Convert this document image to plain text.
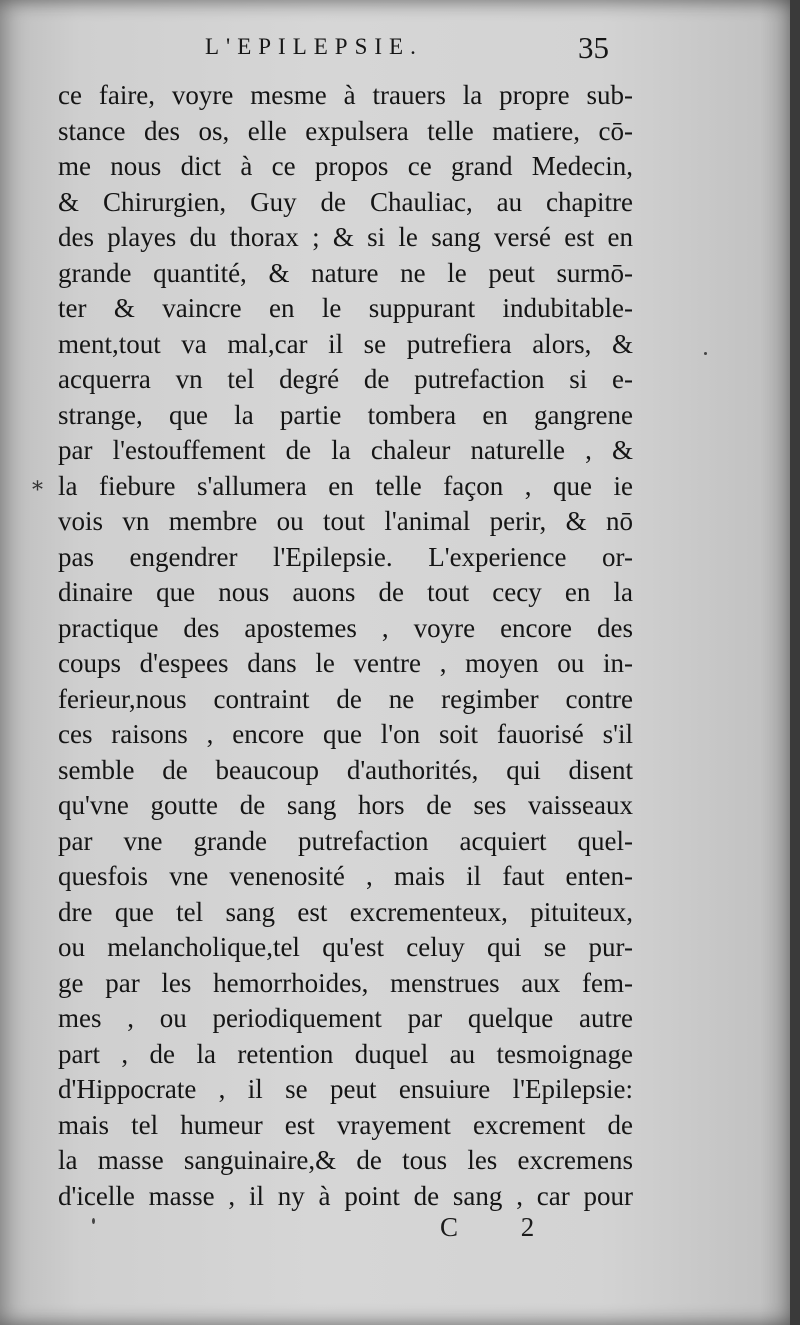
L'EPILEPSIE.	35
ce faire, voyre mesme à trauers la propre sub-
stance des os, elle expulsera telle matiere, cō-
me nous dict à ce propos ce grand Medecin,
& Chirurgien, Guy de Chauliac, au chapitre
des playes du thorax ; & si le sang versé est en
grande quantité, & nature ne le peut surmō-
ter & vaincre en le suppurant indubitable-
ment,tout va mal,car il se putrefiera alors, &
acquerra vn tel degré de putrefaction si e-
strange, que la partie tombera en gangrene
par l'estouffement de la chaleur naturelle , &
la fiebure s'allumera en telle façon , que ie
vois vn membre ou tout l'animal perir, & nō
pas engendrer l'Epilepsie. L'experience or-
dinaire que nous auons de tout cecy en la
practique des apostemes , voyre encore des
coups d'espees dans le ventre , moyen ou in-
ferieur,nous contraint de ne regimber contre
ces raisons , encore que l'on soit fauorisé s'il
semble de beaucoup d'authorités, qui disent
qu'vne goutte de sang hors de ses vaisseaux
par vne grande putrefaction acquiert quel-
quesfois vne venenosité , mais il faut enten-
dre que tel sang est excrementeux, pituiteux,
ou melancholique,tel qu'est celuy qui se pur-
ge par les hemorrhoides, menstrues aux fem-
mes , ou periodiquement par quelque autre
part , de la retention duquel au tesmoignage
d'Hippocrate , il se peut ensuiure l'Epilepsie:
mais tel humeur est vrayement excrement de
la masse sanguinaire,& de tous les excremens
d'icelle masse , il ny à point de sang , car pour
C 2
⁎
